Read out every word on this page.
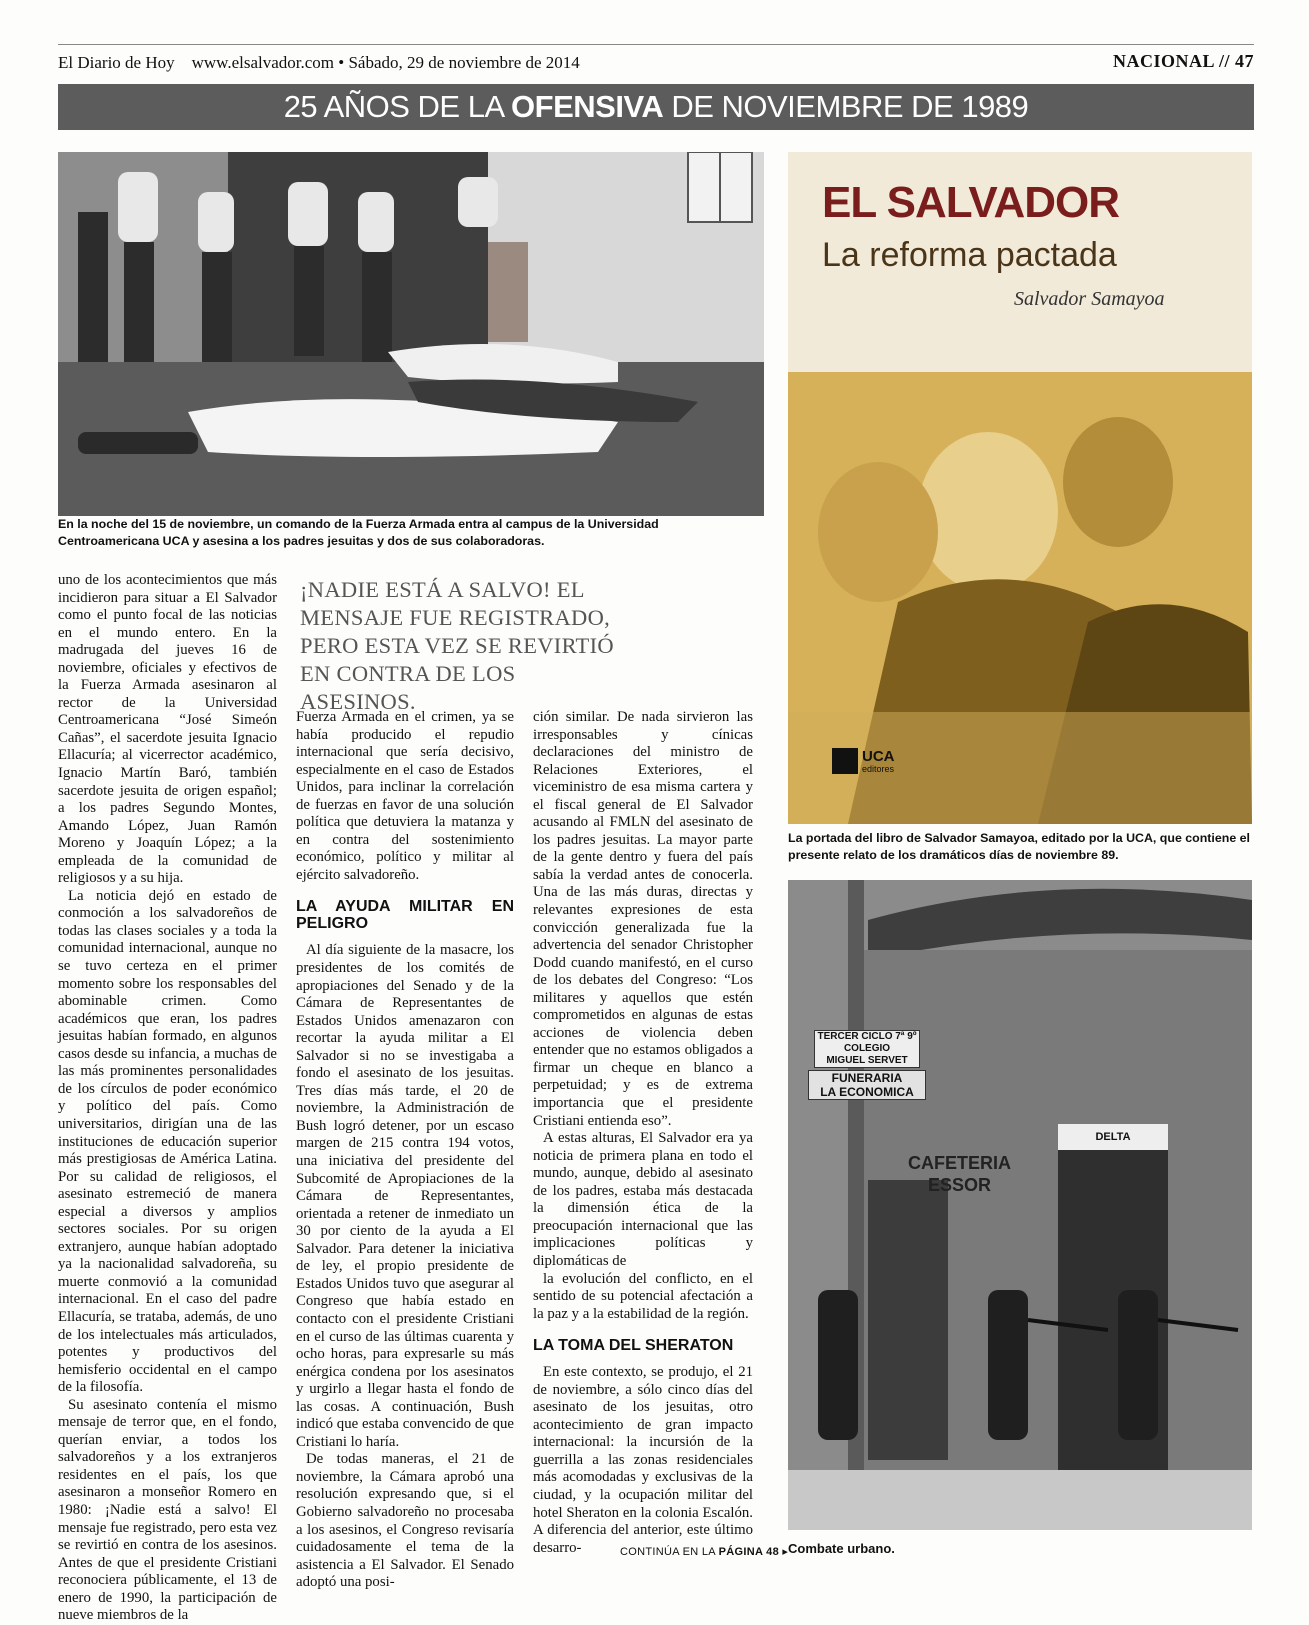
El Diario de Hoy www.elsalvador.com • Sábado, 29 de noviembre de 2014	NACIONAL // 47
25 AÑOS DE LA OFENSIVA DE NOVIEMBRE DE 1989
En la noche del 15 de noviembre, un comando de la Fuerza Armada entra al campus de la Universidad Centroamericana UCA y asesina a los padres jesuitas y dos de sus colaboradoras.
EL SALVADOR
La reforma pactada
Salvador Samayoa
UCA
editores
La portada del libro de Salvador Samayoa, editado por la UCA, que contiene el presente relato de los dramáticos días de noviembre 89.
TERCER CICLO 7ª 9º
COLEGIO
MIGUEL SERVET
FUNERARIA
LA ECONOMICA
CAFETERIA
ESSOR
DELTA
Combate urbano.
¡NADIE ESTÁ A SALVO! EL MENSAJE FUE REGISTRADO, PERO ESTA VEZ SE REVIRTIÓ EN CONTRA DE LOS ASESINOS.

uno de los acontecimientos que más incidieron para situar a El Salvador como el punto focal de las noticias en el mundo entero. En la madrugada del jueves 16 de noviembre, oficiales y efectivos de la Fuerza Armada asesinaron al rector de la Universidad Centroamericana “José Simeón Cañas”, el sacerdote jesuita Ignacio Ellacuría; al vicerrector académico, Ignacio Martín Baró, también sacerdote jesuita de origen español; a los padres Segundo Montes, Amando López, Juan Ramón Moreno y Joaquín López; a la empleada de la comunidad de religiosos y a su hija.

La noticia dejó en estado de conmoción a los salvadoreños de todas las clases sociales y a toda la comunidad internacional, aunque no se tuvo certeza en el primer momento sobre los responsables del abominable crimen. Como académicos que eran, los padres jesuitas habían formado, en algunos casos desde su infancia, a muchas de las más prominentes personalidades de los círculos de poder económico y político del país. Como universitarios, dirigían una de las instituciones de educación superior más prestigiosas de América Latina. Por su calidad de religiosos, el asesinato estremeció de manera especial a diversos y amplios sectores sociales. Por su origen extranjero, aunque habían adoptado ya la nacionalidad salvadoreña, su muerte conmovió a la comunidad internacional. En el caso del padre Ellacuría, se trataba, además, de uno de los intelectuales más articulados, potentes y productivos del hemisferio occidental en el campo de la filosofía.

Su asesinato contenía el mismo mensaje de terror que, en el fondo, querían enviar, a todos los salvadoreños y a los extranjeros residentes en el país, los que asesinaron a monseñor Romero en 1980: ¡Nadie está a salvo! El mensaje fue registrado, pero esta vez se revirtió en contra de los asesinos. Antes de que el presidente Cristiani reconociera públicamente, el 13 de enero de 1990, la participación de nueve miembros de la

Fuerza Armada en el crimen, ya se había producido el repudio internacional que sería decisivo, especialmente en el caso de Estados Unidos, para inclinar la correlación de fuerzas en favor de una solución política que detuviera la matanza y en contra del sostenimiento económico, político y militar al ejército salvadoreño.

LA AYUDA MILITAR EN PELIGRO

Al día siguiente de la masacre, los presidentes de los comités de apropiaciones del Senado y de la Cámara de Representantes de Estados Unidos amenazaron con recortar la ayuda militar a El Salvador si no se investigaba a fondo el asesinato de los jesuitas. Tres días más tarde, el 20 de noviembre, la Administración de Bush logró detener, por un escaso margen de 215 contra 194 votos, una iniciativa del presidente del Subcomité de Apropiaciones de la Cámara de Representantes, orientada a retener de inmediato un 30 por ciento de la ayuda a El Salvador. Para detener la iniciativa de ley, el propio presidente de Estados Unidos tuvo que asegurar al Congreso que había estado en contacto con el presidente Cristiani en el curso de las últimas cuarenta y ocho horas, para expresarle su más enérgica condena por los asesinatos y urgirlo a llegar hasta el fondo de las cosas. A continuación, Bush indicó que estaba convencido de que Cristiani lo haría.

De todas maneras, el 21 de noviembre, la Cámara aprobó una resolución expresando que, si el Gobierno salvadoreño no procesaba a los asesinos, el Congreso revisaría cuidadosamente el tema de la asistencia a El Salvador. El Senado adoptó una posi-

ción similar. De nada sirvieron las irresponsables y cínicas declaraciones del ministro de Relaciones Exteriores, el viceministro de esa misma cartera y el fiscal general de El Salvador acusando al FMLN del asesinato de los padres jesuitas. La mayor parte de la gente dentro y fuera del país sabía la verdad antes de conocerla. Una de las más duras, directas y relevantes expresiones de esta convicción generalizada fue la advertencia del senador Christopher Dodd cuando manifestó, en el curso de los debates del Congreso: “Los militares y aquellos que estén comprometidos en algunas de estas acciones de violencia deben entender que no estamos obligados a firmar un cheque en blanco a perpetuidad; y es de extrema importancia que el presidente Cristiani entienda eso”.

A estas alturas, El Salvador era ya noticia de primera plana en todo el mundo, aunque, debido al asesinato de los padres, estaba más destacada la dimensión ética de la preocupación internacional que las implicaciones políticas y diplomáticas de

la evolución del conflicto, en el sentido de su potencial afectación a la paz y a la estabilidad de la región.

LA TOMA DEL SHERATON

En este contexto, se produjo, el 21 de noviembre, a sólo cinco días del asesinato de los jesuitas, otro acontecimiento de gran impacto internacional: la incursión de la guerrilla a las zonas residenciales más acomodadas y exclusivas de la ciudad, y la ocupación militar del hotel Sheraton en la colonia Escalón. A diferencia del anterior, este último desarro-	CONTINÚA EN LA PÁGINA 48 ▸
